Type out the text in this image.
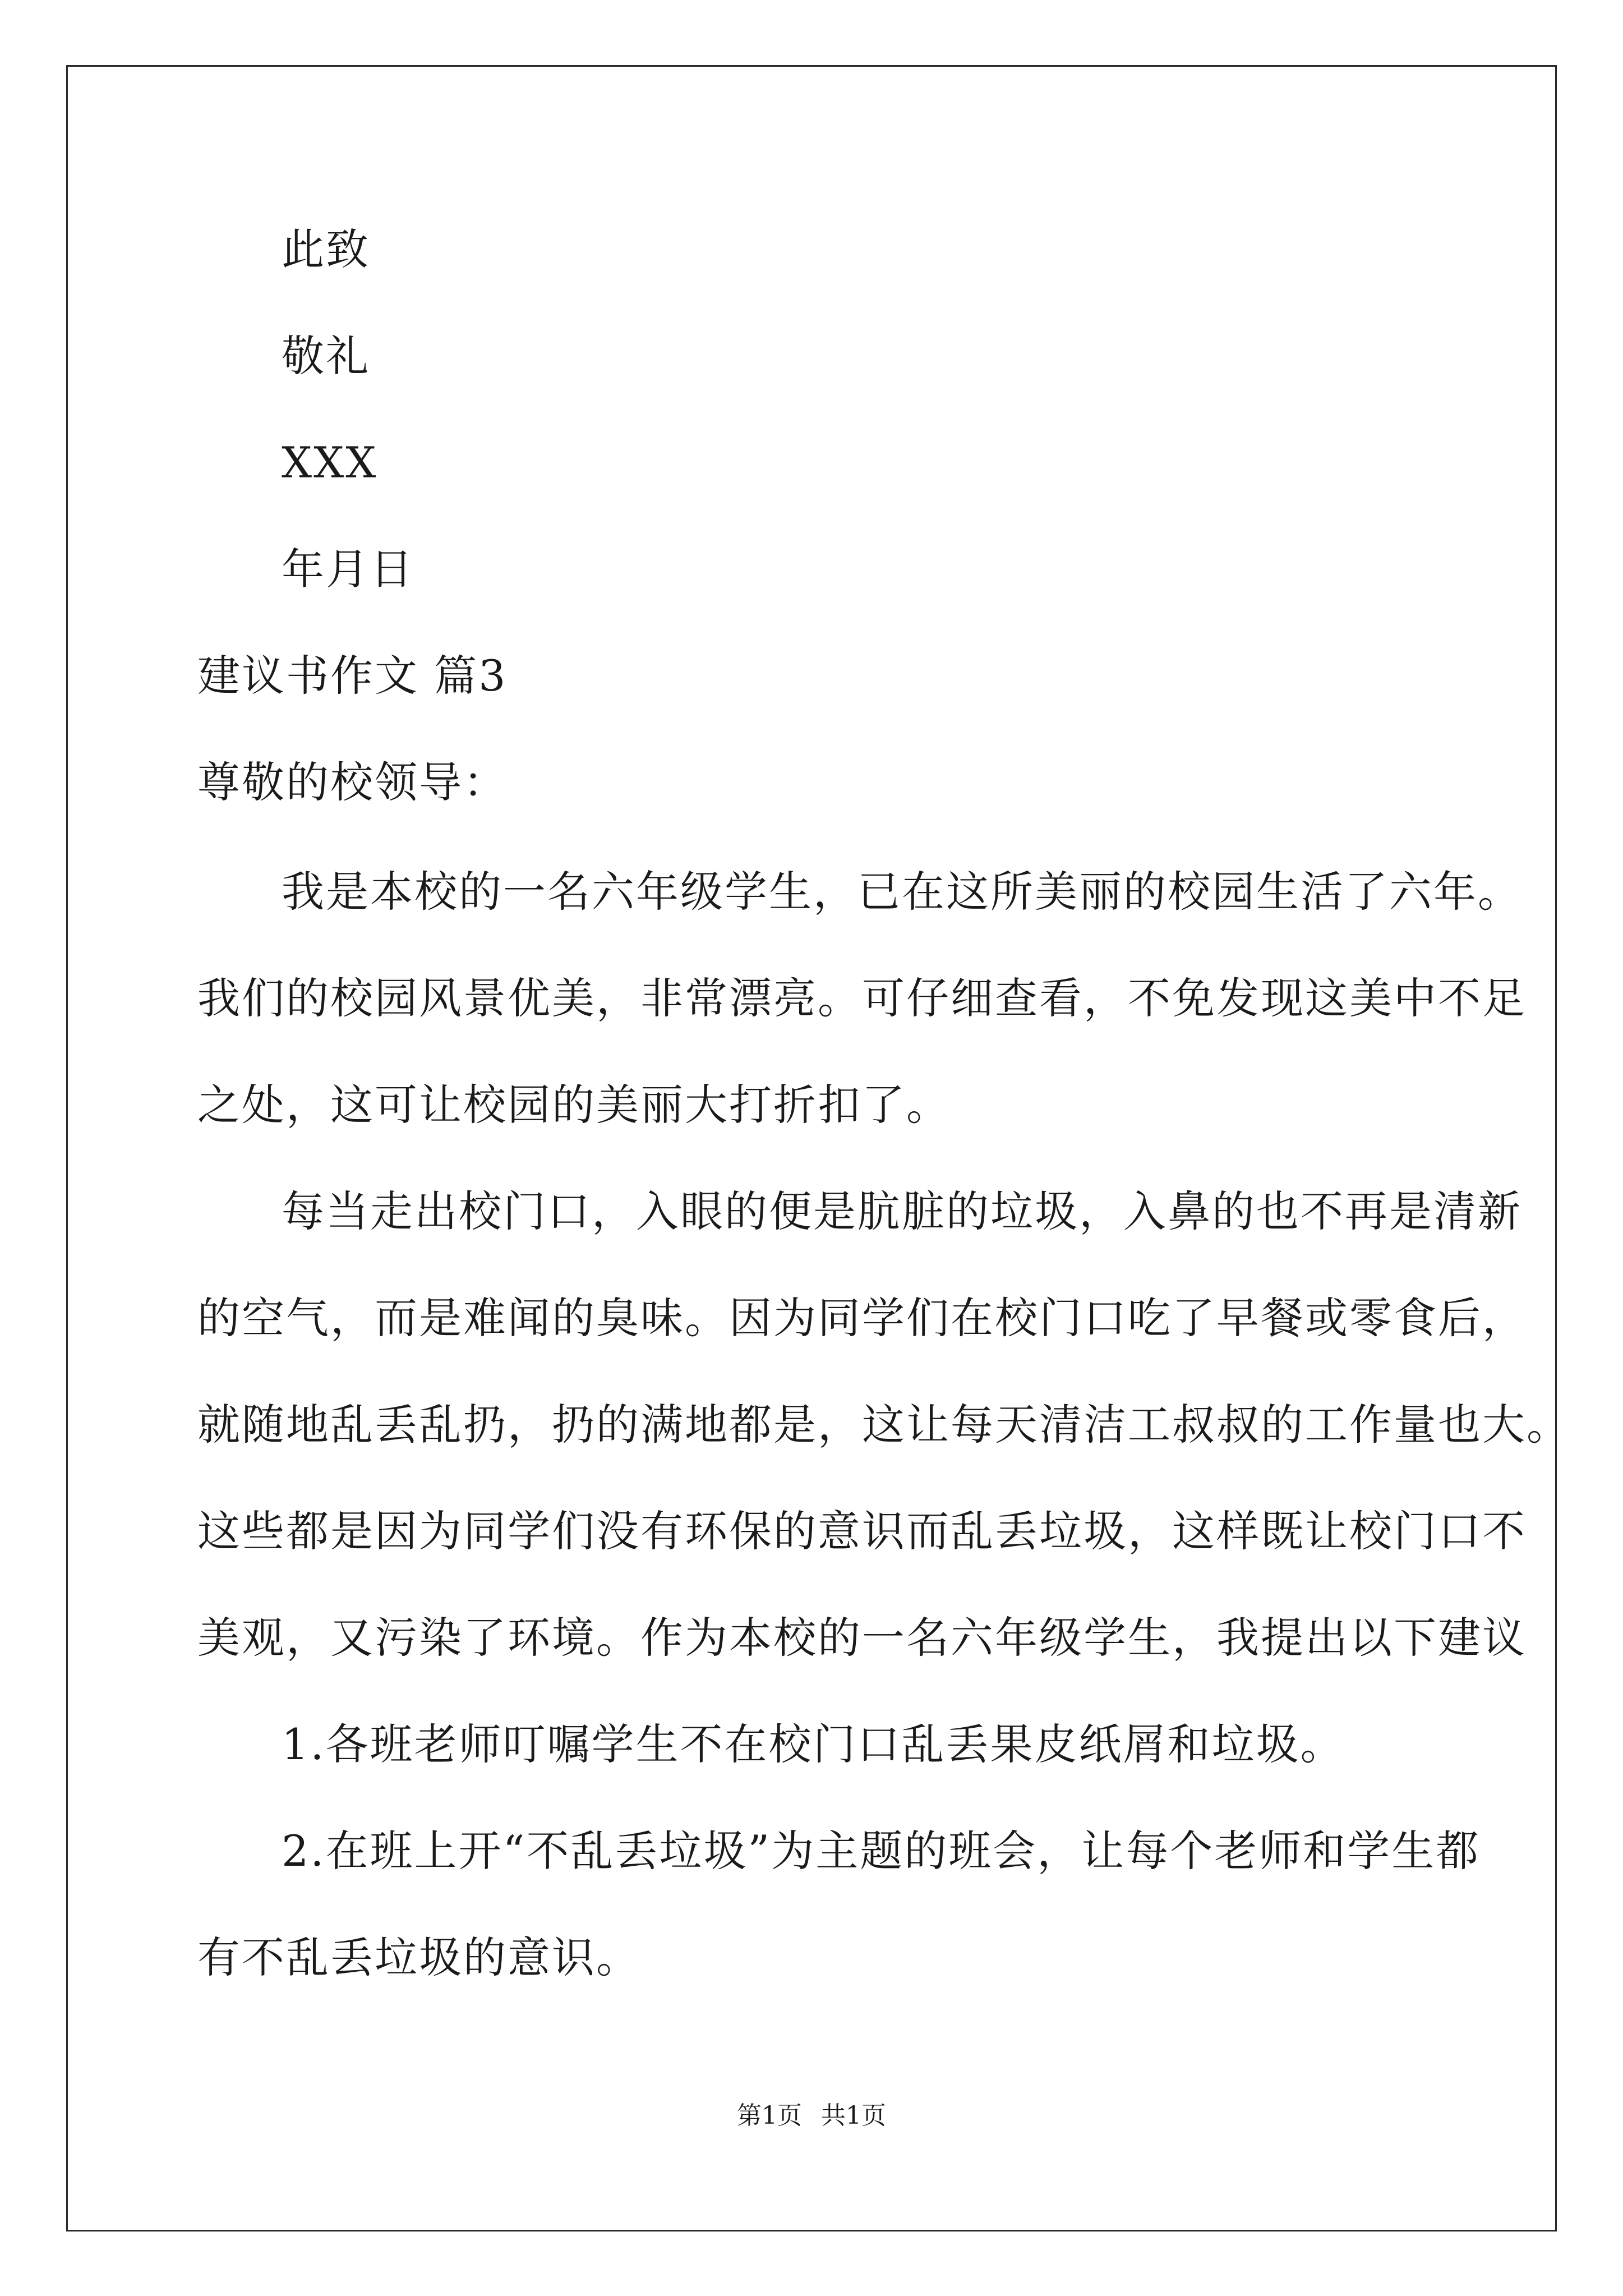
此致
敬礼
XXX
年月日
建议书作文 篇3
尊敬的校领导：
我是本校的一名六年级学生，已在这所美丽的校园生活了六年。
我们的校园风景优美，非常漂亮。可仔细查看，不免发现这美中不足
之处，这可让校园的美丽大打折扣了。
每当走出校门口，入眼的便是肮脏的垃圾，入鼻的也不再是清新
的空气，而是难闻的臭味。因为同学们在校门口吃了早餐或零食后，
就随地乱丢乱扔，扔的满地都是，这让每天清洁工叔叔的工作量也大。
这些都是因为同学们没有环保的意识而乱丢垃圾，这样既让校门口不
美观，又污染了环境。作为本校的一名六年级学生，我提出以下建议
1.各班老师叮嘱学生不在校门口乱丢果皮纸屑和垃圾。
2.在班上开“不乱丢垃圾”为主题的班会，让每个老师和学生都
有不乱丢垃圾的意识。
第1页 共1页
